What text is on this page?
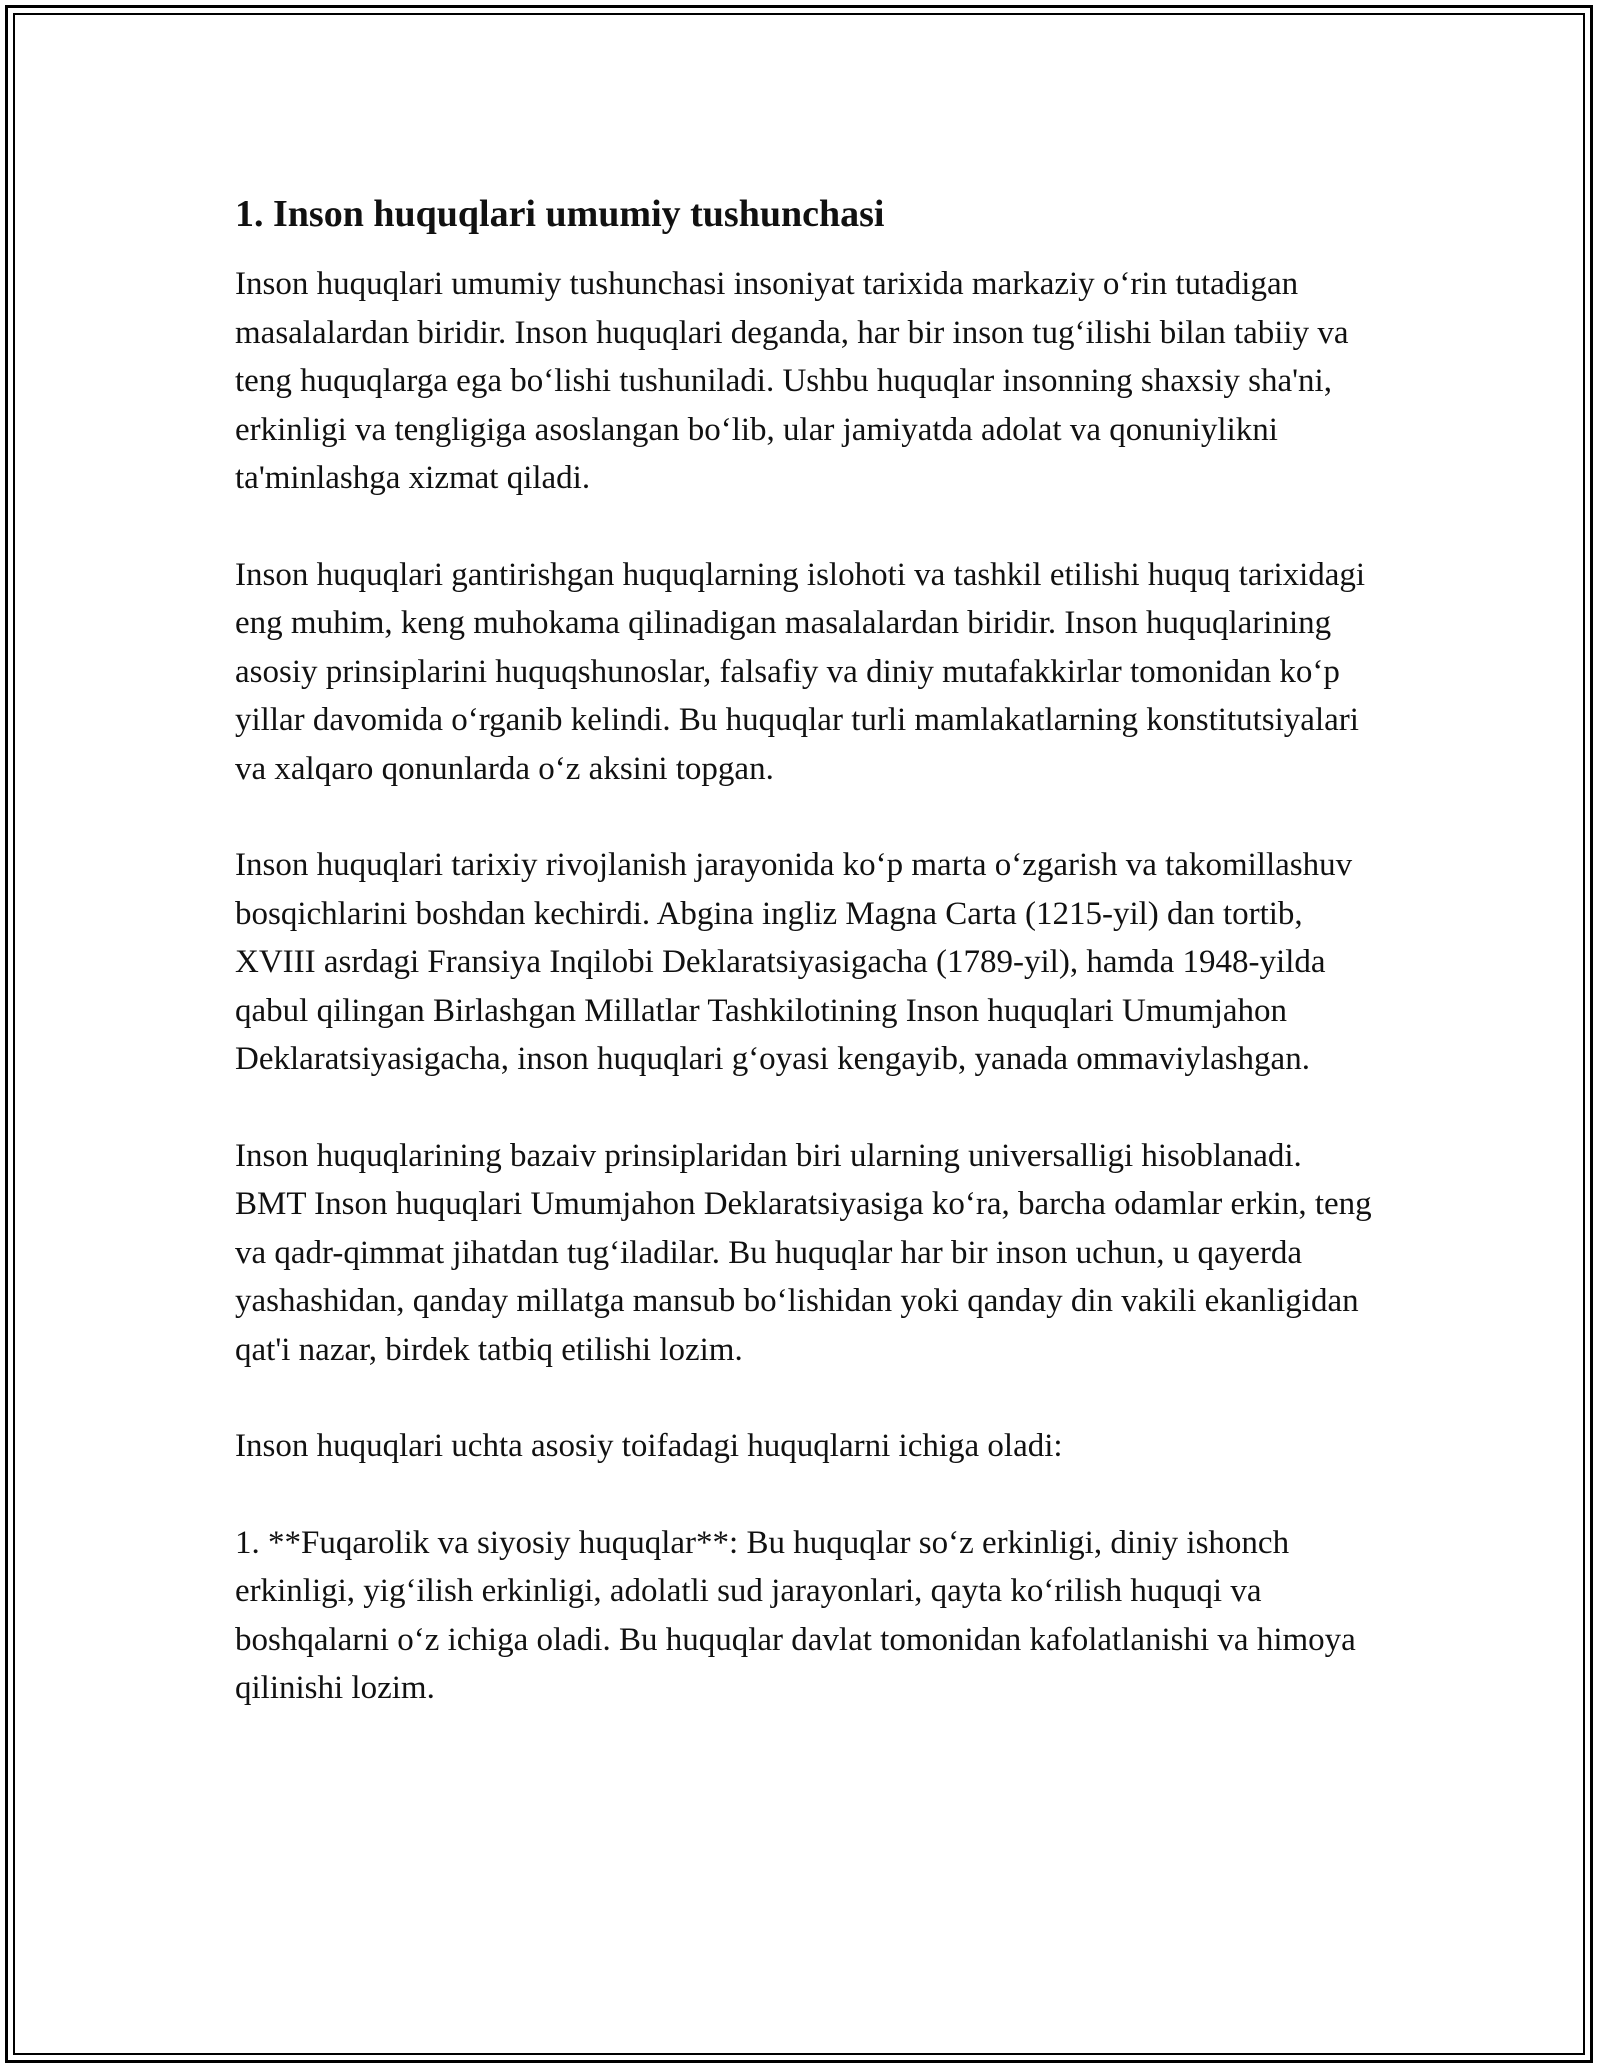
1. Inson huquqlari umumiy tushunchasi

Inson huquqlari umumiy tushunchasi insoniyat tarixida markaziy o‘rin tutadigan masalalardan biridir. Inson huquqlari deganda, har bir inson tug‘ilishi bilan tabiiy va teng huquqlarga ega bo‘lishi tushuniladi. Ushbu huquqlar insonning shaxsiy sha'ni, erkinligi va tengligiga asoslangan bo‘lib, ular jamiyatda adolat va qonuniylikni ta'minlashga xizmat qiladi.

Inson huquqlari gantirishgan huquqlarning islohoti va tashkil etilishi huquq tarixidagi eng muhim, keng muhokama qilinadigan masalalardan biridir. Inson huquqlarining asosiy prinsiplarini huquqshunoslar, falsafiy va diniy mutafakkirlar tomonidan ko‘p yillar davomida o‘rganib kelindi. Bu huquqlar turli mamlakatlarning konstitutsiyalari va xalqaro qonunlarda o‘z aksini topgan.

Inson huquqlari tarixiy rivojlanish jarayonida ko‘p marta o‘zgarish va takomillashuv bosqichlarini boshdan kechirdi. Abgina ingliz Magna Carta (1215-yil) dan tortib, XVIII asrdagi Fransiya Inqilobi Deklaratsiyasigacha (1789-yil), hamda 1948-yilda qabul qilingan Birlashgan Millatlar Tashkilotining Inson huquqlari Umumjahon Deklaratsiyasigacha, inson huquqlari g‘oyasi kengayib, yanada ommaviylashgan.

Inson huquqlarining bazaiv prinsiplaridan biri ularning universalligi hisoblanadi. BMT Inson huquqlari Umumjahon Deklaratsiyasiga ko‘ra, barcha odamlar erkin, teng va qadr-qimmat jihatdan tug‘iladilar. Bu huquqlar har bir inson uchun, u qayerda yashashidan, qanday millatga mansub bo‘lishidan yoki qanday din vakili ekanligidan qat'i nazar, birdek tatbiq etilishi lozim.

Inson huquqlari uchta asosiy toifadagi huquqlarni ichiga oladi:

1. **Fuqarolik va siyosiy huquqlar**: Bu huquqlar so‘z erkinligi, diniy ishonch erkinligi, yig‘ilish erkinligi, adolatli sud jarayonlari, qayta ko‘rilish huquqi va boshqalarni o‘z ichiga oladi. Bu huquqlar davlat tomonidan kafolatlanishi va himoya qilinishi lozim.
